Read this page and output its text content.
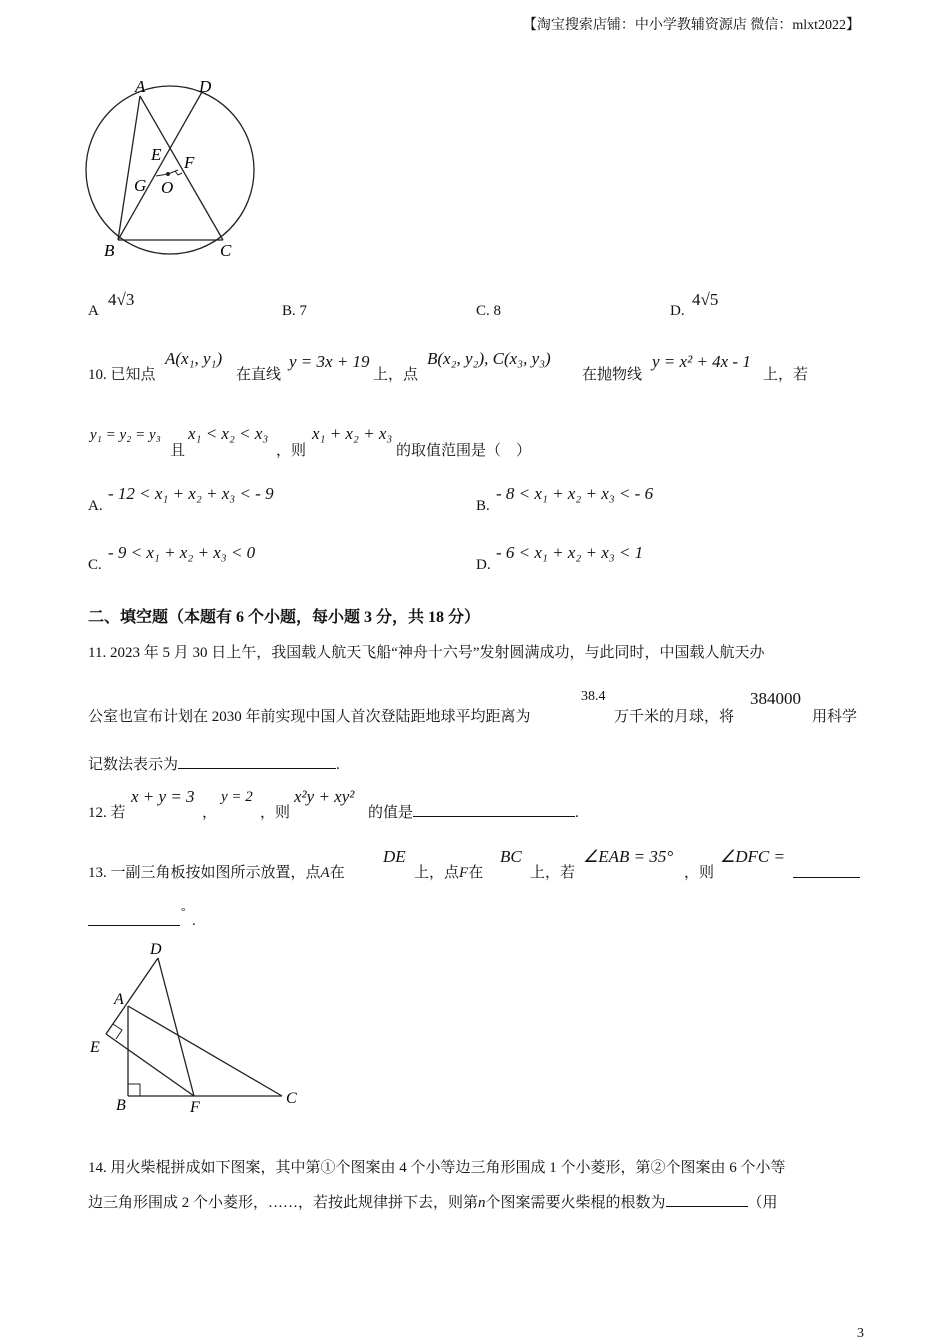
【淘宝搜索店铺：中小学教辅资源店 微信：mlxt2022】
A	D
E F
G O
B	C
A
4√3
B. 7	C. 8	D.
4√5
10. 已知点
A(x₁, y₁)
在直线
y = 3x + 19
上，点
B(x₂, y₂), C(x₃, y₃)
在抛物线
y = x² + 4x - 1
上，若
y₁ = y₂ = y₃
且
x₁ < x₂ < x₃
，则
x₁ + x₂ + x₃
的取值范围是（　）
A.
- 12 < x₁ + x₂ + x₃ < - 9
B.
- 8 < x₁ + x₂ + x₃ < - 6
C.
- 9 < x₁ + x₂ + x₃ < 0
D.
- 6 < x₁ + x₂ + x₃ < 1
二、填空题（本题有 6 个小题，每小题 3 分，共 18 分）
11. 2023 年 5 月 30 日上午，我国载人航天飞船“神舟十六号”发射圆满成功，与此同时，中国载人航天办
公室也宣布计划在 2030 年前实现中国人首次登陆距地球平均距离为
38.4
万千米的月球，将
384000
用科学
记数法表示为	.
12. 若
x + y = 3
，
y = 2
，则
x²y + xy²
的值是	.
13. 一副三角板按如图所示放置，点A在
DE
上，点F在
BC
上，若
∠EAB = 35°
，则
∠DFC =
°
.
D
A
E
B	F
C
14. 用火柴棍拼成如下图案，其中第①个图案由 4 个小等边三角形围成 1 个小菱形，第②个图案由 6 个小等
边三角形围成 2 个小菱形，……，若按此规律拼下去，则第n个图案需要火柴棍的根数为	（用
3
